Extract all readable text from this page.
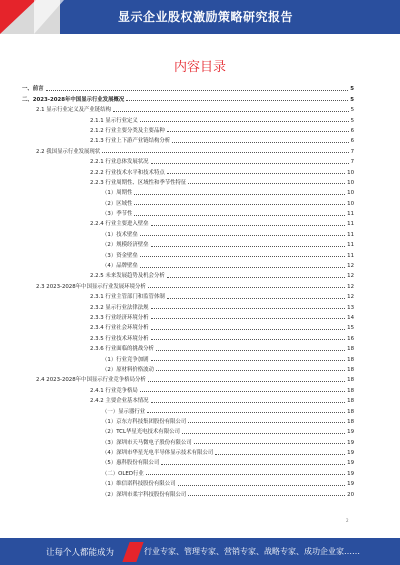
显示企业股权激励策略研究报告
内容目录
一、前言	5
二、2023-2028年中国显示行业发展概况	5
2.1 显示行业定义及产业链结构	5
2.1.1 显示行业定义	5
2.1.2 行业主要分类及主要品种	6
2.1.3 行业上下游产业链结构分析	6
2.2 我国显示行业发展现状	7
2.2.1 行业总体发展状况	7
2.2.2 行业技术水平和技术特点	10
2.2.3 行业周期性、区域性和季节性特征	10
（1）周期性	10
（2）区域性	10
（3）季节性	11
2.2.4 行业主要进入壁垒	11
（1）技术壁垒	11
（2）规模经济壁垒	11
（3）资金壁垒	11
（4）品牌壁垒	12
2.2.5 未来发展趋势及机会分析	12
2.3 2023-2028年中国显示行业发展环境分析	12
2.3.1 行业主管部门和监管体制	12
2.3.2 显示行业法律法规	13
2.3.3 行业经济环境分析	14
2.3.4 行业社会环境分析	15
2.3.5 行业技术环境分析	16
2.3.6 行业面临的挑战分析	18
（1）行业竞争加剧	18
（2）原材料价格波动	18
2.4 2023-2028年中国显示行业竞争格局分析	18
2.4.1 行业竞争格局	18
2.4.2 主要企业基本情况	18
（一）显示器行业	18
（1）京东方科技集团股份有限公司	18
（2）TCL华星光电技术有限公司	19
（3）深圳市天马微电子股份有限公司	19
（4）深圳市华星光电半导体显示技术有限公司	19
（5）惠科股份有限公司	19
（二）OLED行业	19
（1）维信诺科技股份有限公司	19
（2）深圳市柔宇科技股份有限公司	20
2
让每个人都能成为	行业专家、管理专家、营销专家、战略专家、成功企业家……
